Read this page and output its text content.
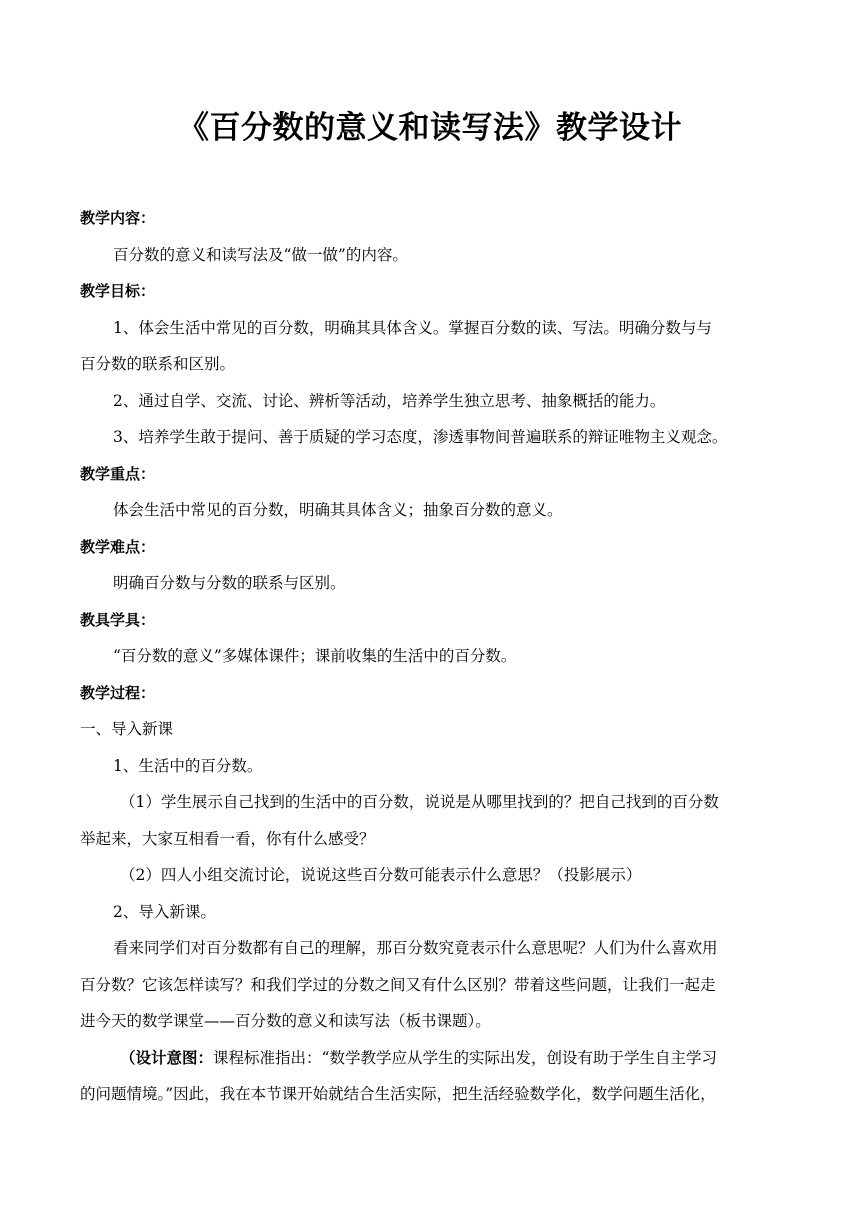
《百分数的意义和读写法》教学设计
教学内容：
百分数的意义和读写法及“做一做”的内容。
教学目标：
1、体会生活中常见的百分数，明确其具体含义。掌握百分数的读、写法。明确分数与与
百分数的联系和区别。
2、通过自学、交流、讨论、辨析等活动，培养学生独立思考、抽象概括的能力。
3、培养学生敢于提问、善于质疑的学习态度，渗透事物间普遍联系的辩证唯物主义观念。
教学重点：
体会生活中常见的百分数，明确其具体含义；抽象百分数的意义。
教学难点：
明确百分数与分数的联系与区别。
教具学具：
“百分数的意义”多媒体课件；课前收集的生活中的百分数。
教学过程：
一、导入新课
1、生活中的百分数。
（1）学生展示自己找到的生活中的百分数，说说是从哪里找到的？把自己找到的百分数
举起来，大家互相看一看，你有什么感受？
（2）四人小组交流讨论，说说这些百分数可能表示什么意思？（投影展示）
2、导入新课。
看来同学们对百分数都有自己的理解，那百分数究竟表示什么意思呢？人们为什么喜欢用
百分数？它该怎样读写？和我们学过的分数之间又有什么区别？带着这些问题，让我们一起走
进今天的数学课堂——百分数的意义和读写法（板书课题）。
（设计意图：课程标准指出：“数学教学应从学生的实际出发，创设有助于学生自主学习
的问题情境。”因此，我在本节课开始就结合生活实际，把生活经验数学化，数学问题生活化，
